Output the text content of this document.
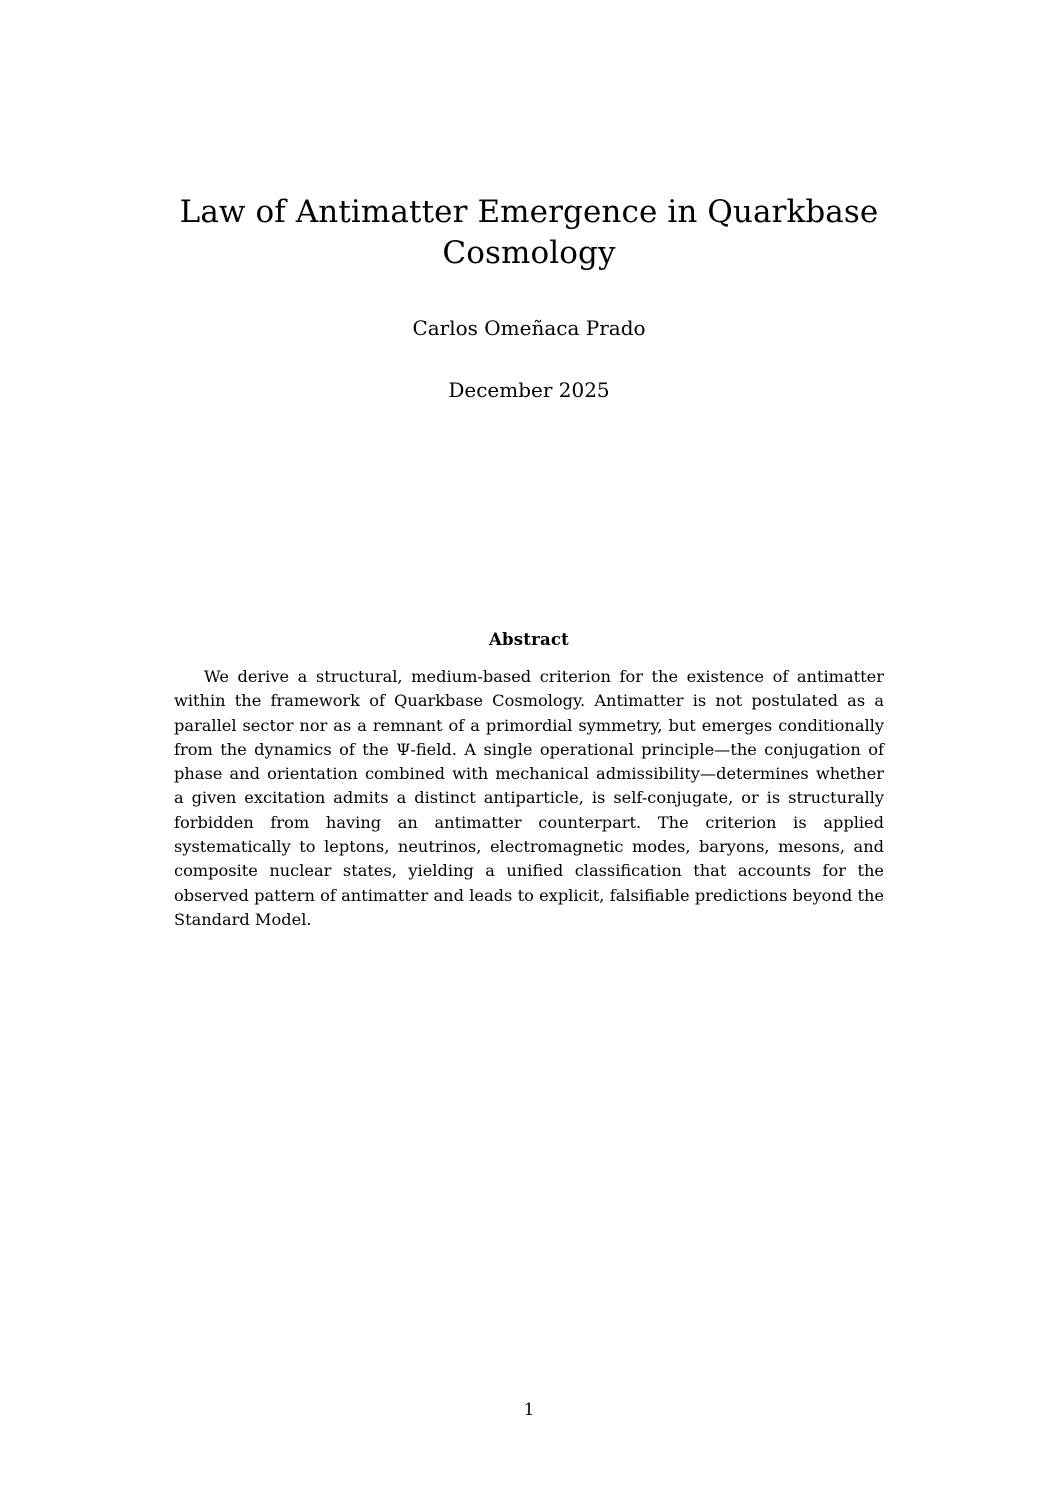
Law of Antimatter Emergence in Quarkbase Cosmology
Carlos Omeñaca Prado
December 2025
Abstract

We derive a structural, medium-based criterion for the existence of antimatter within the framework of Quarkbase Cosmology. Antimatter is not postulated as a parallel sector nor as a remnant of a primordial symmetry, but emerges conditionally from the dynamics of the Ψ-field. A single operational principle—the conjugation of phase and orientation combined with mechanical admissibility—determines whether a given excitation admits a distinct antiparticle, is self-conjugate, or is structurally forbidden from having an antimatter counterpart. The criterion is applied systematically to leptons, neutrinos, electromagnetic modes, baryons, mesons, and composite nuclear states, yielding a unified classification that accounts for the observed pattern of antimatter and leads to explicit, falsifiable predictions beyond the Standard Model.

1
